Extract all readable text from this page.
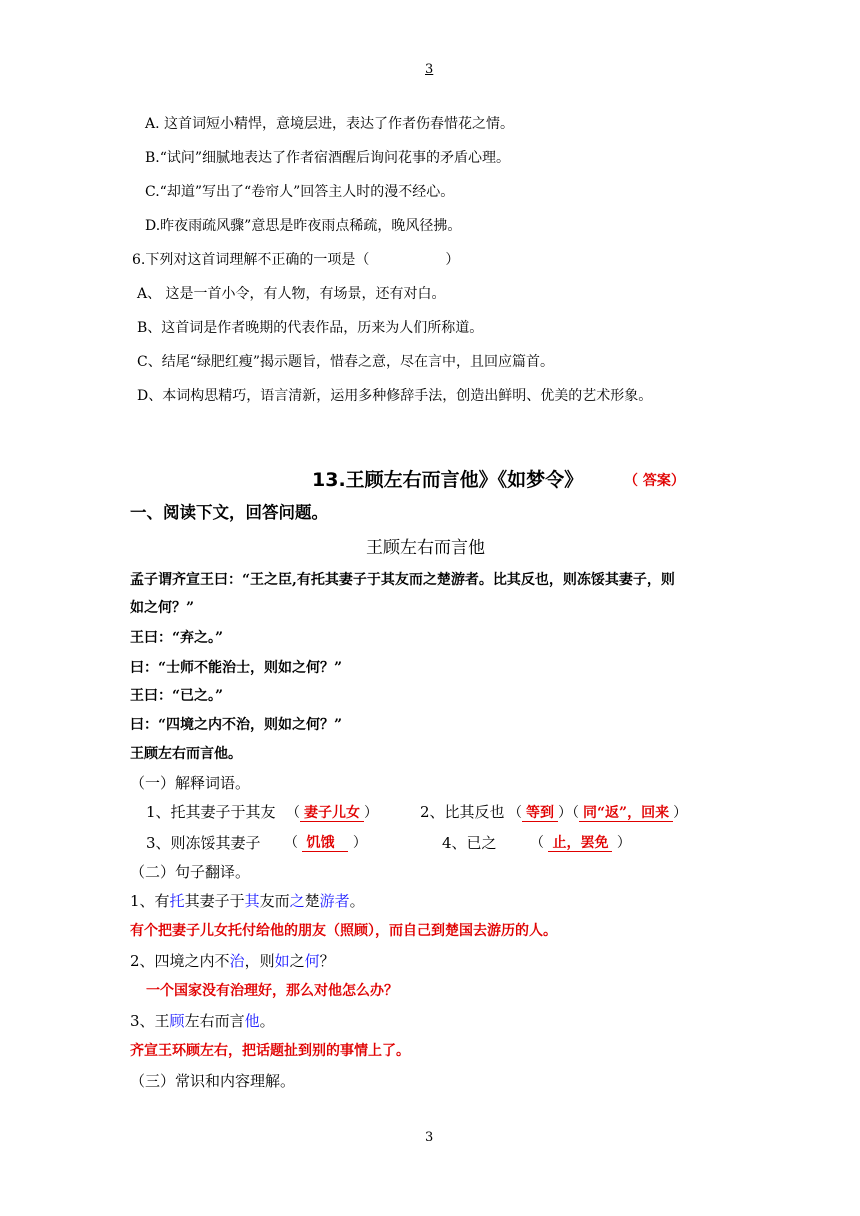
3
A. 这首词短小精悍，意境层进，表达了作者伤春惜花之情。
B.“试问”细腻地表达了作者宿酒醒后询问花事的矛盾心理。
C.“却道”写出了“卷帘人”回答主人时的漫不经心。
D.昨夜雨疏风骤”意思是昨夜雨点稀疏，晚风径拂。
6.下列对这首词理解不正确的一项是（	）
A、 这是一首小令，有人物，有场景，还有对白。
B、这首词是作者晚期的代表作品，历来为人们所称道。
C、结尾“绿肥红瘦”揭示题旨，惜春之意，尽在言中，且回应篇首。
D、本词构思精巧，语言清新，运用多种修辞手法，创造出鲜明、优美的艺术形象。
13.王顾左右而言他》《如梦令》	（ 答案）
一、阅读下文，回答问题。
王顾左右而言他
孟子谓齐宣王曰：“王之臣,有托其妻子于其友而之楚游者。比其反也，则冻馁其妻子，则
如之何？”
王曰：“弃之。”
曰：“士师不能治士，则如之何？”
王曰：“已之。”
曰：“四境之内不治，则如之何？”
王顾左右而言他。
（一）解释词语。
1、托其妻子于其友 （ 妻子儿女 ）	2、比其反也 （ 等到 ）（ 同“返”，回来 ）
3、则冻馁其妻子 （ 饥饿 ）	4、已之 （ 止，罢免 ）
（二）句子翻译。
1、有托其妻子于其友而之楚游者。
有个把妻子儿女托付给他的朋友（照顾），而自己到楚国去游历的人。
2、四境之内不治，则如之何？
一个国家没有治理好，那么对他怎么办？
3、王顾左右而言他。
齐宣王环顾左右，把话题扯到别的事情上了。
（三）常识和内容理解。
3
